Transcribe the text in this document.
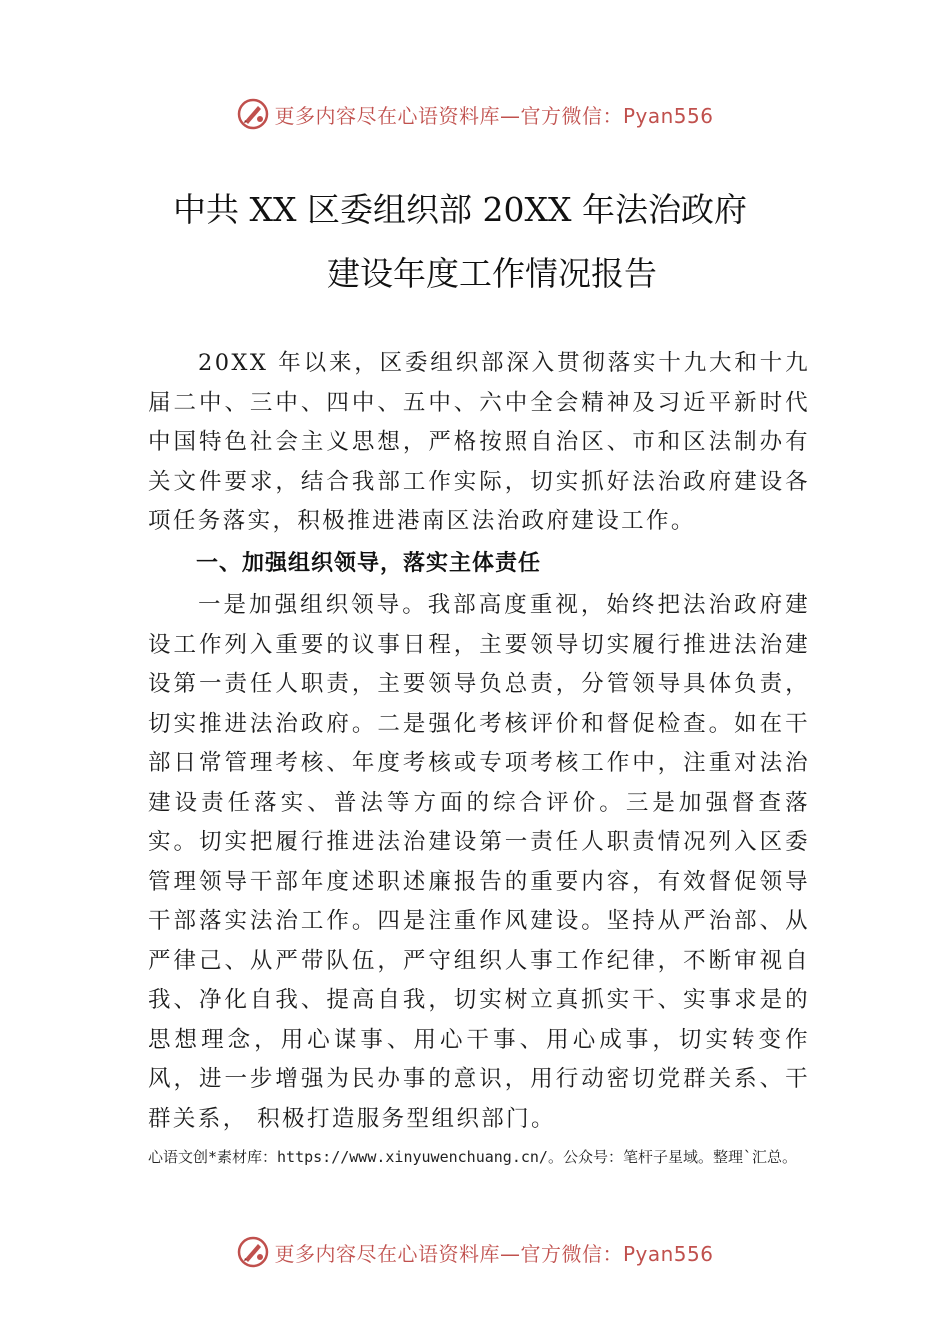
更多内容尽在心语资料库—官方微信：Pyan556
中共 XX 区委组织部 20XX 年法治政府
建设年度工作情况报告
20XX 年以来，区委组织部深入贯彻落实十九大和十九届二中、三中、四中、五中、六中全会精神及习近平新时代中国特色社会主义思想，严格按照自治区、市和区法制办有关文件要求，结合我部工作实际，切实抓好法治政府建设各项任务落实，积极推进港南区法治政府建设工作。
一、加强组织领导，落实主体责任
一是加强组织领导。我部高度重视，始终把法治政府建设工作列入重要的议事日程，主要领导切实履行推进法治建设第一责任人职责，主要领导负总责，分管领导具体负责， 切实推进法治政府。二是强化考核评价和督促检查。如在干部日常管理考核、年度考核或专项考核工作中，注重对法治建设责任落实、普法等方面的综合评价。三是加强督查落实。切实把履行推进法治建设第一责任人职责情况列入区委管理领导干部年度述职述廉报告的重要内容，有效督促领导干部落实法治工作。四是注重作风建设。坚持从严治部、从严律己、从严带队伍，严守组织人事工作纪律，不断审视自我、净化自我、提高自我，切实树立真抓实干、实事求是的思想理念，用心谋事、用心干事、用心成事，切实转变作风，进一步增强为民办事的意识，用行动密切党群关系、干群关系， 积极打造服务型组织部门。
心语文创*素材库：https://www.xinyuwenchuang.cn/。公众号：笔杆子星域。整理`汇总。
更多内容尽在心语资料库—官方微信：Pyan556
